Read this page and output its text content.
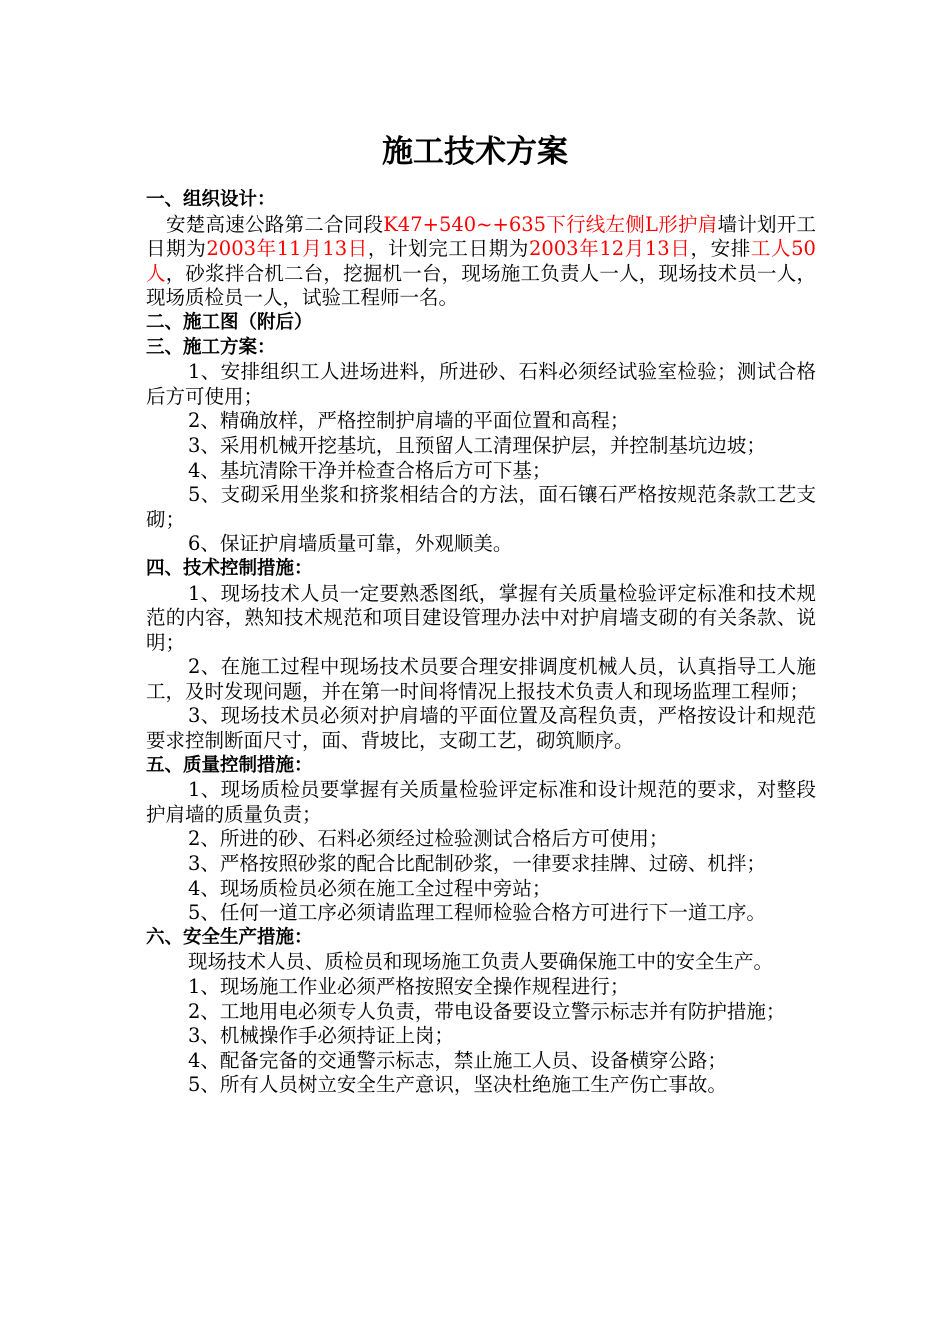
施工技术方案
一、组织设计：
安楚高速公路第二合同段K47+540~+635下行线左侧L形护肩墙计划开工日期为2003年11月13日，计划完工日期为2003年12月13日，安排工人50人，砂浆拌合机二台，挖掘机一台，现场施工负责人一人，现场技术员一人，现场质检员一人，试验工程师一名。
二、施工图（附后）
三、施工方案：
1、安排组织工人进场进料，所进砂、石料必须经试验室检验；测试合格后方可使用；
2、精确放样，严格控制护肩墙的平面位置和高程；
3、采用机械开挖基坑，且预留人工清理保护层，并控制基坑边坡；
4、基坑清除干净并检查合格后方可下基；
5、支砌采用坐浆和挤浆相结合的方法，面石镶石严格按规范条款工艺支砌；
6、保证护肩墙质量可靠，外观顺美。
四、技术控制措施：
1、现场技术人员一定要熟悉图纸，掌握有关质量检验评定标准和技术规范的内容，熟知技术规范和项目建设管理办法中对护肩墙支砌的有关条款、说明；
2、在施工过程中现场技术员要合理安排调度机械人员，认真指导工人施工，及时发现问题，并在第一时间将情况上报技术负责人和现场监理工程师；
3、现场技术员必须对护肩墙的平面位置及高程负责，严格按设计和规范要求控制断面尺寸，面、背坡比，支砌工艺，砌筑顺序。
五、质量控制措施：
1、现场质检员要掌握有关质量检验评定标准和设计规范的要求，对整段护肩墙的质量负责；
2、所进的砂、石料必须经过检验测试合格后方可使用；
3、严格按照砂浆的配合比配制砂浆，一律要求挂牌、过磅、机拌；
4、现场质检员必须在施工全过程中旁站；
5、任何一道工序必须请监理工程师检验合格方可进行下一道工序。
六、安全生产措施：
现场技术人员、质检员和现场施工负责人要确保施工中的安全生产。
1、现场施工作业必须严格按照安全操作规程进行；
2、工地用电必须专人负责，带电设备要设立警示标志并有防护措施；
3、机械操作手必须持证上岗；
4、配备完备的交通警示标志，禁止施工人员、设备横穿公路；
5、所有人员树立安全生产意识，坚决杜绝施工生产伤亡事故。
